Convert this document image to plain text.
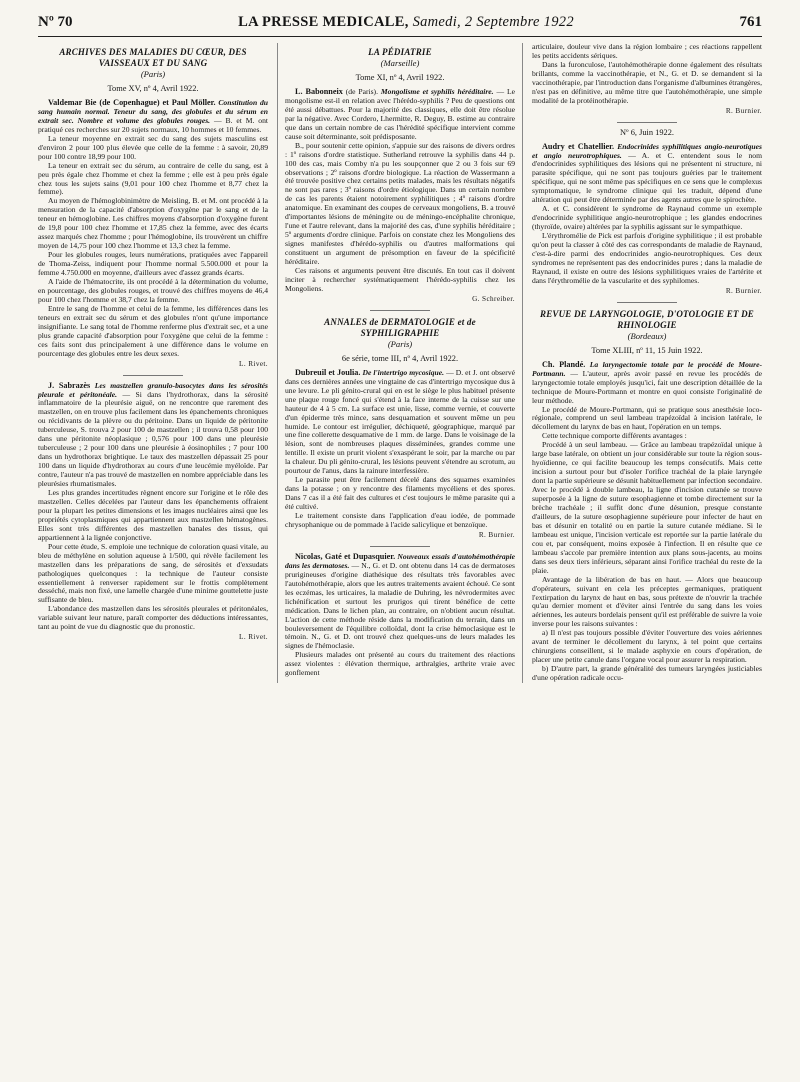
Nº 70	LA PRESSE MEDICALE, Samedi, 2 Septembre 1922	761
ARCHIVES DES MALADIES DU CŒUR, DES VAISSEAUX ET DU SANG
(Paris)
Tome XV, nº 4, Avril 1922.

Valdemar Bie (de Copenhague) et Paul Möller. Constitution du sang humain normal. Teneur du sang, des globules et du sérum en extrait sec. Nombre et volume des globules rouges. — B. et M. ont pratiqué ces recherches sur 20 sujets normaux, 10 hommes et 10 femmes.

La teneur moyenne en extrait sec du sang des sujets masculins est d'environ 2 pour 100 plus élevée que celle de la femme : à savoir, 20,89 pour 100 contre 18,99 pour 100.

La teneur en extrait sec du sérum, au contraire de celle du sang, est à peu près égale chez l'homme et chez la femme ; elle est à peu près égale chez tous les sujets sains (9,01 pour 100 chez l'homme et 8,77 chez la femme).

Au moyen de l'hémoglobinimètre de Meisling, B. et M. ont procédé à la mensuration de la capacité d'absorption d'oxygène par le sang et de la teneur en hémoglobine. Les chiffres moyens d'absorption d'oxygène furent de 19,8 pour 100 chez l'homme et 17,85 chez la femme, avec des écarts assez marqués chez l'homme ; pour l'hémoglobine, ils trouvèrent un chiffre moyen de 14,75 pour 100 chez l'homme et 13,3 chez la femme.

Pour les globules rouges, leurs numérations, pratiquées avec l'appareil de Thoma-Zeiss, indiquent pour l'homme normal 5.500.000 et pour la femme 4.750.000 en moyenne, d'ailleurs avec d'assez grands écarts.

A l'aide de l'hématocrite, ils ont procédé à la détermination du volume, en pourcentage, des globules rouges, et trouvé des chiffres moyens de 46,4 pour 100 chez l'homme et 38,7 chez la femme.

Entre le sang de l'homme et celui de la femme, les différences dans les teneurs en extrait sec du sérum et des globules n'ont qu'une importance insignifiante. Le sang total de l'homme renferme plus d'extrait sec, et a une plus grande capacité d'absorption pour l'oxygène que celui de la femme : ces faits sont dus principalement à une différence dans le volume en pourcentage des globules entre les deux sexes.

L. Rivet.

J. Sabrazès Les mastzellen granulo-basocytes dans les sérosités pleurale et péritonéale. — Si dans l'hydrothorax, dans la sérosité inflammatoire de la pleurésie aiguë, on ne rencontre que rarement des mastzellen, on en trouve plus facilement dans les épanchements chroniques ou récidivants de la plèvre ou du péritoine. Dans un liquide de péritonite tuberculeuse, S. trouva 2 pour 100 de mastzellen ; il trouva 0,58 pour 100 dans une péritonite néoplasique ; 0,576 pour 100 dans une pleurésie tuberculeuse ; 2 pour 100 dans une pleurésie à éosinophiles ; 7 pour 100 dans un hydrothorax brightique. Le taux des mastzellen dépassait 25 pour 100 dans un liquide d'hydrothorax au cours d'une leucémie myéloïde. Par contre, l'auteur n'a pas trouvé de mastzellen en nombre appréciable dans les pleurésies rhumatismales.

Les plus grandes incertitudes règnent encore sur l'origine et le rôle des mastzellen. Celles décelées par l'auteur dans les épanchements offraient pour la plupart les petites dimensions et les images nucléaires ainsi que les propriétés cytoplasmiques qui appartiennent aux mastzellen hématogènes. Elles sont très différentes des mastzellen banales des tissus, qui appartiennent à la lignée conjonctive.

Pour cette étude, S. emploie une technique de coloration quasi vitale, au bleu de méthylène en solution aqueuse à 1/500, qui révèle facilement les mastzellen dans les préparations de sang, de sérosités et d'exsudats pathologiques quelconques : la technique de l'auteur consiste essentiellement à renverser rapidement sur le frottis complètement desséché, mais non fixé, une lamelle chargée d'une minime gouttelette juste suffisante de bleu.

L'abondance des mastzellen dans les sérosités pleurales et péritonéales, variable suivant leur nature, paraît comporter des déductions intéressantes, tant au point de vue du diagnostic que du pronostic.

L. Rivet.
LA PÉDIATRIE
(Marseille)
Tome XI, nº 4, Avril 1922.

L. Babonneix (de Paris). Mongolisme et syphilis héréditaire. — Le mongolisme est-il en relation avec l'hérédo-syphilis ? Peu de questions ont été aussi débattues. Pour la majorité des classiques, elle doit être résolue par la négative. Avec Cordero, Lhermitte, R. Deguy, B. estime au contraire que dans un certain nombre de cas l'hérédité spécifique intervient comme cause soit déterminante, soit prédisposante.

B., pour soutenir cette opinion, s'appuie sur des raisons de divers ordres : 1º raisons d'ordre statistique. Sutherland retrouve la syphilis dans 44 p. 100 des cas, mais Comby n'a pu les soupçonner que 2 ou 3 fois sur 69 observations ; 2º raisons d'ordre biologique. La réaction de Wassermann a été trouvée positive chez certains petits malades, mais les résultats négatifs ne sont pas rares ; 3º raisons d'ordre étiologique. Dans un certain nombre de cas les parents étaient notoirement syphilitiques ; 4º raisons d'ordre anatomique. En examinant des coupes de cerveaux mongoliens, B. a trouvé d'importantes lésions de méningite ou de méningo-encéphalite chronique, l'une et l'autre relevant, dans la majorité des cas, d'une syphilis héréditaire ; 5º arguments d'ordre clinique. Parfois on constate chez les Mongoliens des signes manifestes d'hérédo-syphilis ou d'autres malformations qui constituent un argument de présomption en faveur de la spécificité héréditaire.

Ces raisons et arguments peuvent être discutés. En tout cas il doivent inciter à rechercher systématiquement l'hérédo-syphilis chez les Mongoliens.

G. Schreiber.
ANNALES de DERMATOLOGIE et de SYPHILIGRAPHIE
(Paris)
6e série, tome III, nº 4, Avril 1922.

Dubreuil et Joulia. De l'intertrigo mycosique. — D. et J. ont observé dans ces dernières années une vingtaine de cas d'intertrigo mycosique dus à une levure. Le pli génito-crural qui en est le siège le plus habituel présente une plaque rouge foncé qui s'étend à la face interne de la cuisse sur une hauteur de 4 à 5 cm. La surface est unie, lisse, comme vernie, et couverte d'un épiderme très mince, sans desquamation et souvent même un peu humide. Le contour est irrégulier, déchiqueté, géographique, marqué par une fine collerette desquamative de 1 mm. de large. Dans le voisinage de la lésion, sont de nombreuses plaques disséminées, grandes comme une lentille. Il existe un prurit violent s'exaspérant le soir, par la marche ou par la chaleur. Du pli génito-crural, les lésions peuvent s'étendre au scrotum, au pourtour de l'anus, dans la rainure interfessière.

Le parasite peut être facilement décelé dans des squames examinées dans la potasse ; on y rencontre des filaments mycéliens et des spores. Dans 7 cas il a été fait des cultures et c'est toujours le même parasite qui a été cultivé.

Le traitement consiste dans l'application d'eau iodée, de pommade chrysophanique ou de pommade à l'acide salicylique et benzoïque.

R. Burnier.

Nicolas, Gaté et Dupasquier. Nouveaux essais d'autohémothérapie dans les dermatoses. — N., G. et D. ont obtenu dans 14 cas de dermatoses prurigineuses d'origine diathésique des résultats très favorables avec l'autohémothérapie, alors que les autres traitements avaient échoué. Ce sont les eczémas, les urticaires, la maladie de Duhring, les névrodermites avec lichénification et surtout les prurigos qui tirent bénéfice de cette médication. Dans le lichen plan, au contraire, on n'obtient aucun résultat. L'action de cette méthode réside dans la modification du terrain, dans un bouleversement de l'équilibre colloïdal, dont la crise hémoclasique est le témoin. N., G. et D. ont trouvé chez quelques-uns de leurs malades les signes de l'hémoclasie.

Plusieurs malades ont présenté au cours du traitement des réactions assez violentes : élévation thermique, arthralgies, arthrite vraie avec gonflement

articulaire, douleur vive dans la région lombaire ; ces réactions rappellent les petits accidents sériques.

Dans la furonculose, l'autohémothérapie donne également des résultats brillants, comme la vaccinothérapie, et N., G. et D. se demandent si la vaccinothérapie, par l'introduction dans l'organisme d'albumines étrangères, n'est pas en définitive, au même titre que l'autohémothérapie, une simple modalité de la protéinothérapie.

R. Burnier.
Nº 6, Juin 1922.

Audry et Chatellier. Endocrinides syphilitiques angio-neurotiques et angio neurotrophiques. — A. et C. entendent sous le nom d'endocrinides syphilitiques des lésions qui ne présentent ni structure, ni parasite spécifique, qui ne sont pas toujours guéries par le traitement spécifique, qui ne sont même pas spécifiques en ce sens que le complexus symptomatique, le syndrome clinique qui les traduit, dépend d'une altération qui peut être déterminée par des agents autres que le spirochète.

A. et C. considèrent le syndrome de Raynaud comme un exemple d'endocrinide syphilitique angio-neurotrophique ; les glandes endocrines (thyroïde, ovaire) altérées par la syphilis agissant sur le sympathique.

L'érythromélie de Pick est parfois d'origine syphilitique ; il est probable qu'on peut la classer à côté des cas correspondants de maladie de Raynaud, c'est-à-dire parmi des endocrinides angio-neurotrophiques. Ces deux syndromes ne représentent pas des endocrinides pures ; dans la maladie de Raynaud, il existe en outre des lésions syphilitiques vraies de l'artérite et dans l'érythromélie de la vascularite et des syphilomes.

R. Burnier.
REVUE DE LARYNGOLOGIE, D'OTOLOGIE ET DE RHINOLOGIE
(Bordeaux)
Tome XLIII, nº 11, 15 Juin 1922.

Ch. Plandé. La laryngectomie totale par le procédé de Moure-Portmann. — L'auteur, après avoir passé en revue les procédés de laryngectomie totale employés jusqu'ici, fait une description détaillée de la technique de Moure-Portmann et montre en quoi consiste l'originalité de leur méthode.

Le procédé de Moure-Portmann, qui se pratique sous anesthésie loco-régionale, comprend un seul lambeau trapézoïdal à incision latérale, le décollement du larynx de bas en haut, l'opération en un temps.

Cette technique comporte différents avantages :

Procédé à un seul lambeau. — Grâce au lambeau trapézoïdal unique à large base latérale, on obtient un jour considérable sur toute la région sous-hyoïdienne, ce qui facilite beaucoup les temps consécutifs. Mais cette incision a surtout pour but d'isoler l'orifice trachéal de la plaie laryngée dont la partie supérieure se désunit habituellement par infection secondaire. Avec le procédé à double lambeau, la ligne d'incision cutanée se trouve superposée à la ligne de suture œsophagienne et tombe directement sur la brèche trachéale ; il suffit donc d'une désunion, presque constante d'ailleurs, de la suture œsophagienne supérieure pour infecter de haut en bas et désunir en totalité ou en partie la suture cutanée médiane. Si le lambeau est unique, l'incision verticale est reportée sur la partie latérale du cou et, par conséquent, moins exposée à l'infection. Il en résulte que ce lambeau s'accole par première intention aux plans sous-jacents, au moins dans ses deux tiers inférieurs, séparant ainsi l'orifice trachéal du reste de la plaie.

Avantage de la libération de bas en haut. — Alors que beaucoup d'opérateurs, suivant en cela les préceptes germaniques, pratiquent l'extirpation du larynx de haut en bas, sous prétexte de n'ouvrir la trachée qu'au dernier moment et d'éviter ainsi l'entrée du sang dans les voies aériennes, les auteurs bordelais pensent qu'il est préférable de suivre la voie inverse pour les raisons suivantes :

a) Il n'est pas toujours possible d'éviter l'ouverture des voies aériennes avant de terminer le décollement du larynx, à tel point que certains chirurgiens conseillent, si le malade asphyxie en cours d'opération, de placer une petite canule dans l'organe vocal pour assurer la respiration.

b) D'autre part, la grande généralité des tumeurs laryngées justiciables d'une opération radicale occu-
